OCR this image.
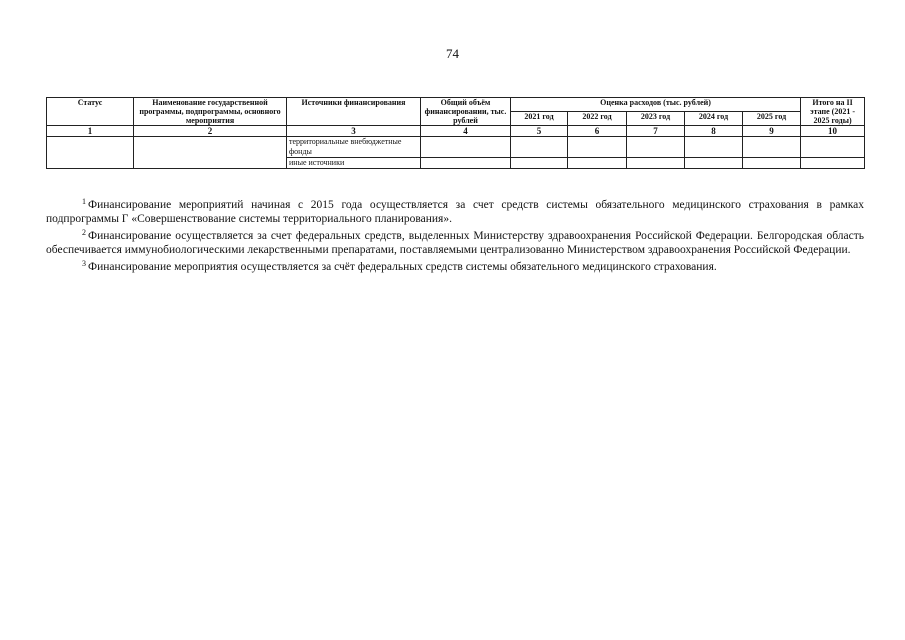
74
Статус	Наименование государственной программы, подпрограммы, основного мероприятия	Источники финансирования	Общий объём финансировании, тыс. рублей	Оценка расходов (тыс. рублей)					Итого на II этапе (2021 - 2025 годы)
				2021 год	2022 год	2023 год	2024 год	2025 год	
1	2	3	4	5	6	7	8	9	10
		территориальные внебюджетные фонды							
		иные источники							

$^1$ Финансирование мероприятий начиная с 2015 года осуществляется за счет средств системы обязательного медицинского страхования в рамках подпрограммы Г «Совершенствование системы территориального планирования».

$^2$ Финансирование осуществляется за счет федеральных средств, выделенных Министерству здравоохранения Российской Федерации. Белгородская область обеспечивается иммунобиологическими лекарственными препаратами, поставляемыми централизованно Министерством здравоохранения Российской Федерации.

$^3$ Финансирование мероприятия осуществляется за счёт федеральных средств системы обязательного медицинского страхования.
